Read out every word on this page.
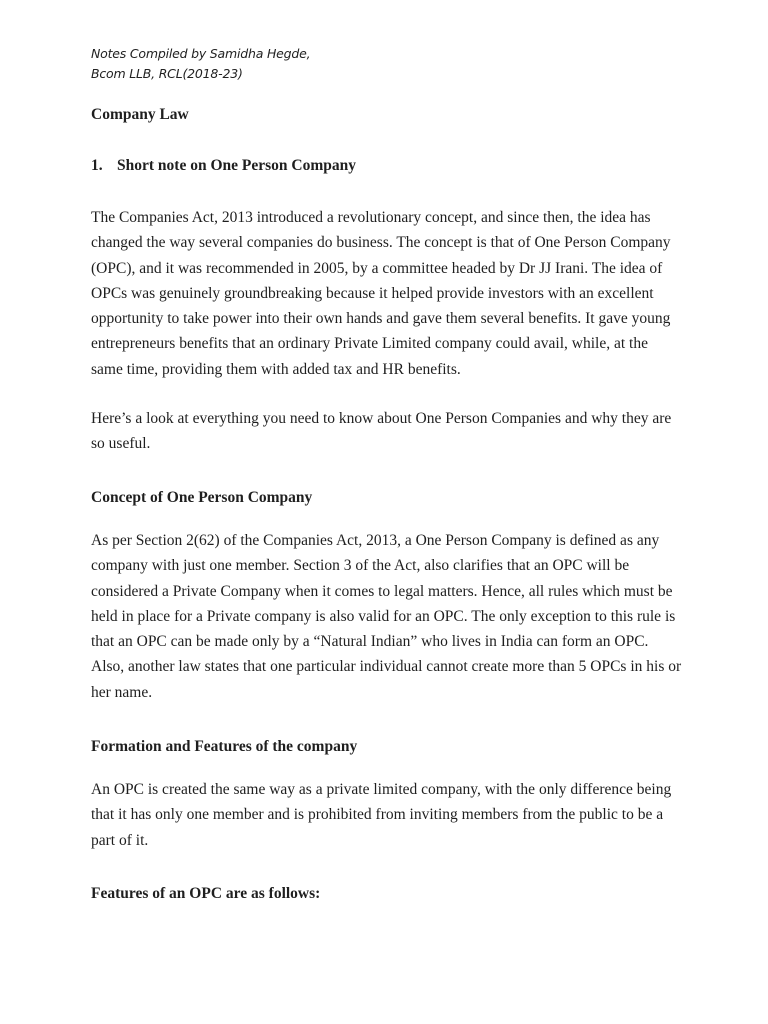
Notes Compiled by Samidha Hegde,
Bcom LLB, RCL(2018-23)
Company Law
1. Short note on One Person Company

The Companies Act, 2013 introduced a revolutionary concept, and since then, the idea has changed the way several companies do business. The concept is that of One Person Company (OPC), and it was recommended in 2005, by a committee headed by Dr JJ Irani. The idea of OPCs was genuinely groundbreaking because it helped provide investors with an excellent opportunity to take power into their own hands and gave them several benefits. It gave young entrepreneurs benefits that an ordinary Private Limited company could avail, while, at the same time, providing them with added tax and HR benefits.

Here’s a look at everything you need to know about One Person Companies and why they are so useful.

Concept of One Person Company

As per Section 2(62) of the Companies Act, 2013, a One Person Company is defined as any company with just one member. Section 3 of the Act, also clarifies that an OPC will be considered a Private Company when it comes to legal matters. Hence, all rules which must be held in place for a Private company is also valid for an OPC. The only exception to this rule is that an OPC can be made only by a “Natural Indian” who lives in India can form an OPC. Also, another law states that one particular individual cannot create more than 5 OPCs in his or her name.

Formation and Features of the company

An OPC is created the same way as a private limited company, with the only difference being that it has only one member and is prohibited from inviting members from the public to be a part of it.

Features of an OPC are as follows:
